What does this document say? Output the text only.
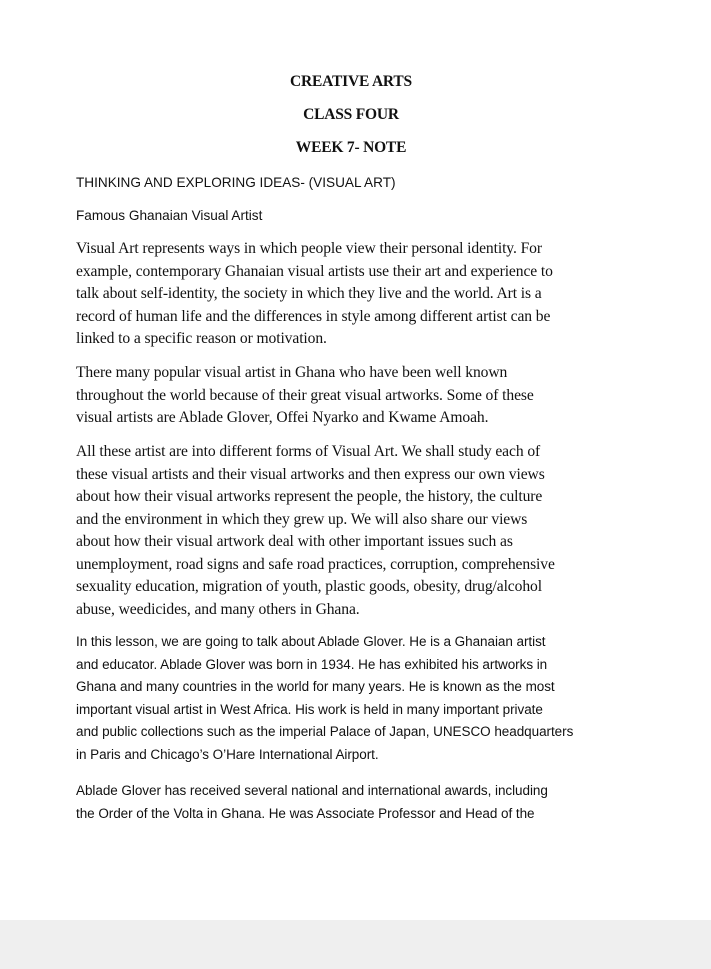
CREATIVE ARTS
CLASS FOUR
WEEK 7- NOTE
THINKING AND EXPLORING IDEAS- (VISUAL ART)
Famous Ghanaian Visual Artist
Visual Art represents ways in which people view their personal identity. For
example, contemporary Ghanaian visual artists use their art and experience to
talk about self-identity, the society in which they live and the world. Art is a
record of human life and the differences in style among different artist can be
linked to a specific reason or motivation.
There many popular visual artist in Ghana who have been well known
throughout the world because of their great visual artworks. Some of these
visual artists are Ablade Glover, Offei Nyarko and Kwame Amoah.
All these artist are into different forms of Visual Art. We shall study each of
these visual artists and their visual artworks and then express our own views
about how their visual artworks represent the people, the history, the culture
and the environment in which they grew up. We will also share our views
about how their visual artwork deal with other important issues such as
unemployment, road signs and safe road practices, corruption, comprehensive
sexuality education, migration of youth, plastic goods, obesity, drug/alcohol
abuse, weedicides, and many others in Ghana.
In this lesson, we are going to talk about Ablade Glover. He is a Ghanaian artist
and educator. Ablade Glover was born in 1934. He has exhibited his artworks in
Ghana and many countries in the world for many years. He is known as the most
important visual artist in West Africa. His work is held in many important private
and public collections such as the imperial Palace of Japan, UNESCO headquarters
in Paris and Chicago’s O’Hare International Airport.
Ablade Glover has received several national and international awards, including
the Order of the Volta in Ghana. He was Associate Professor and Head of the
